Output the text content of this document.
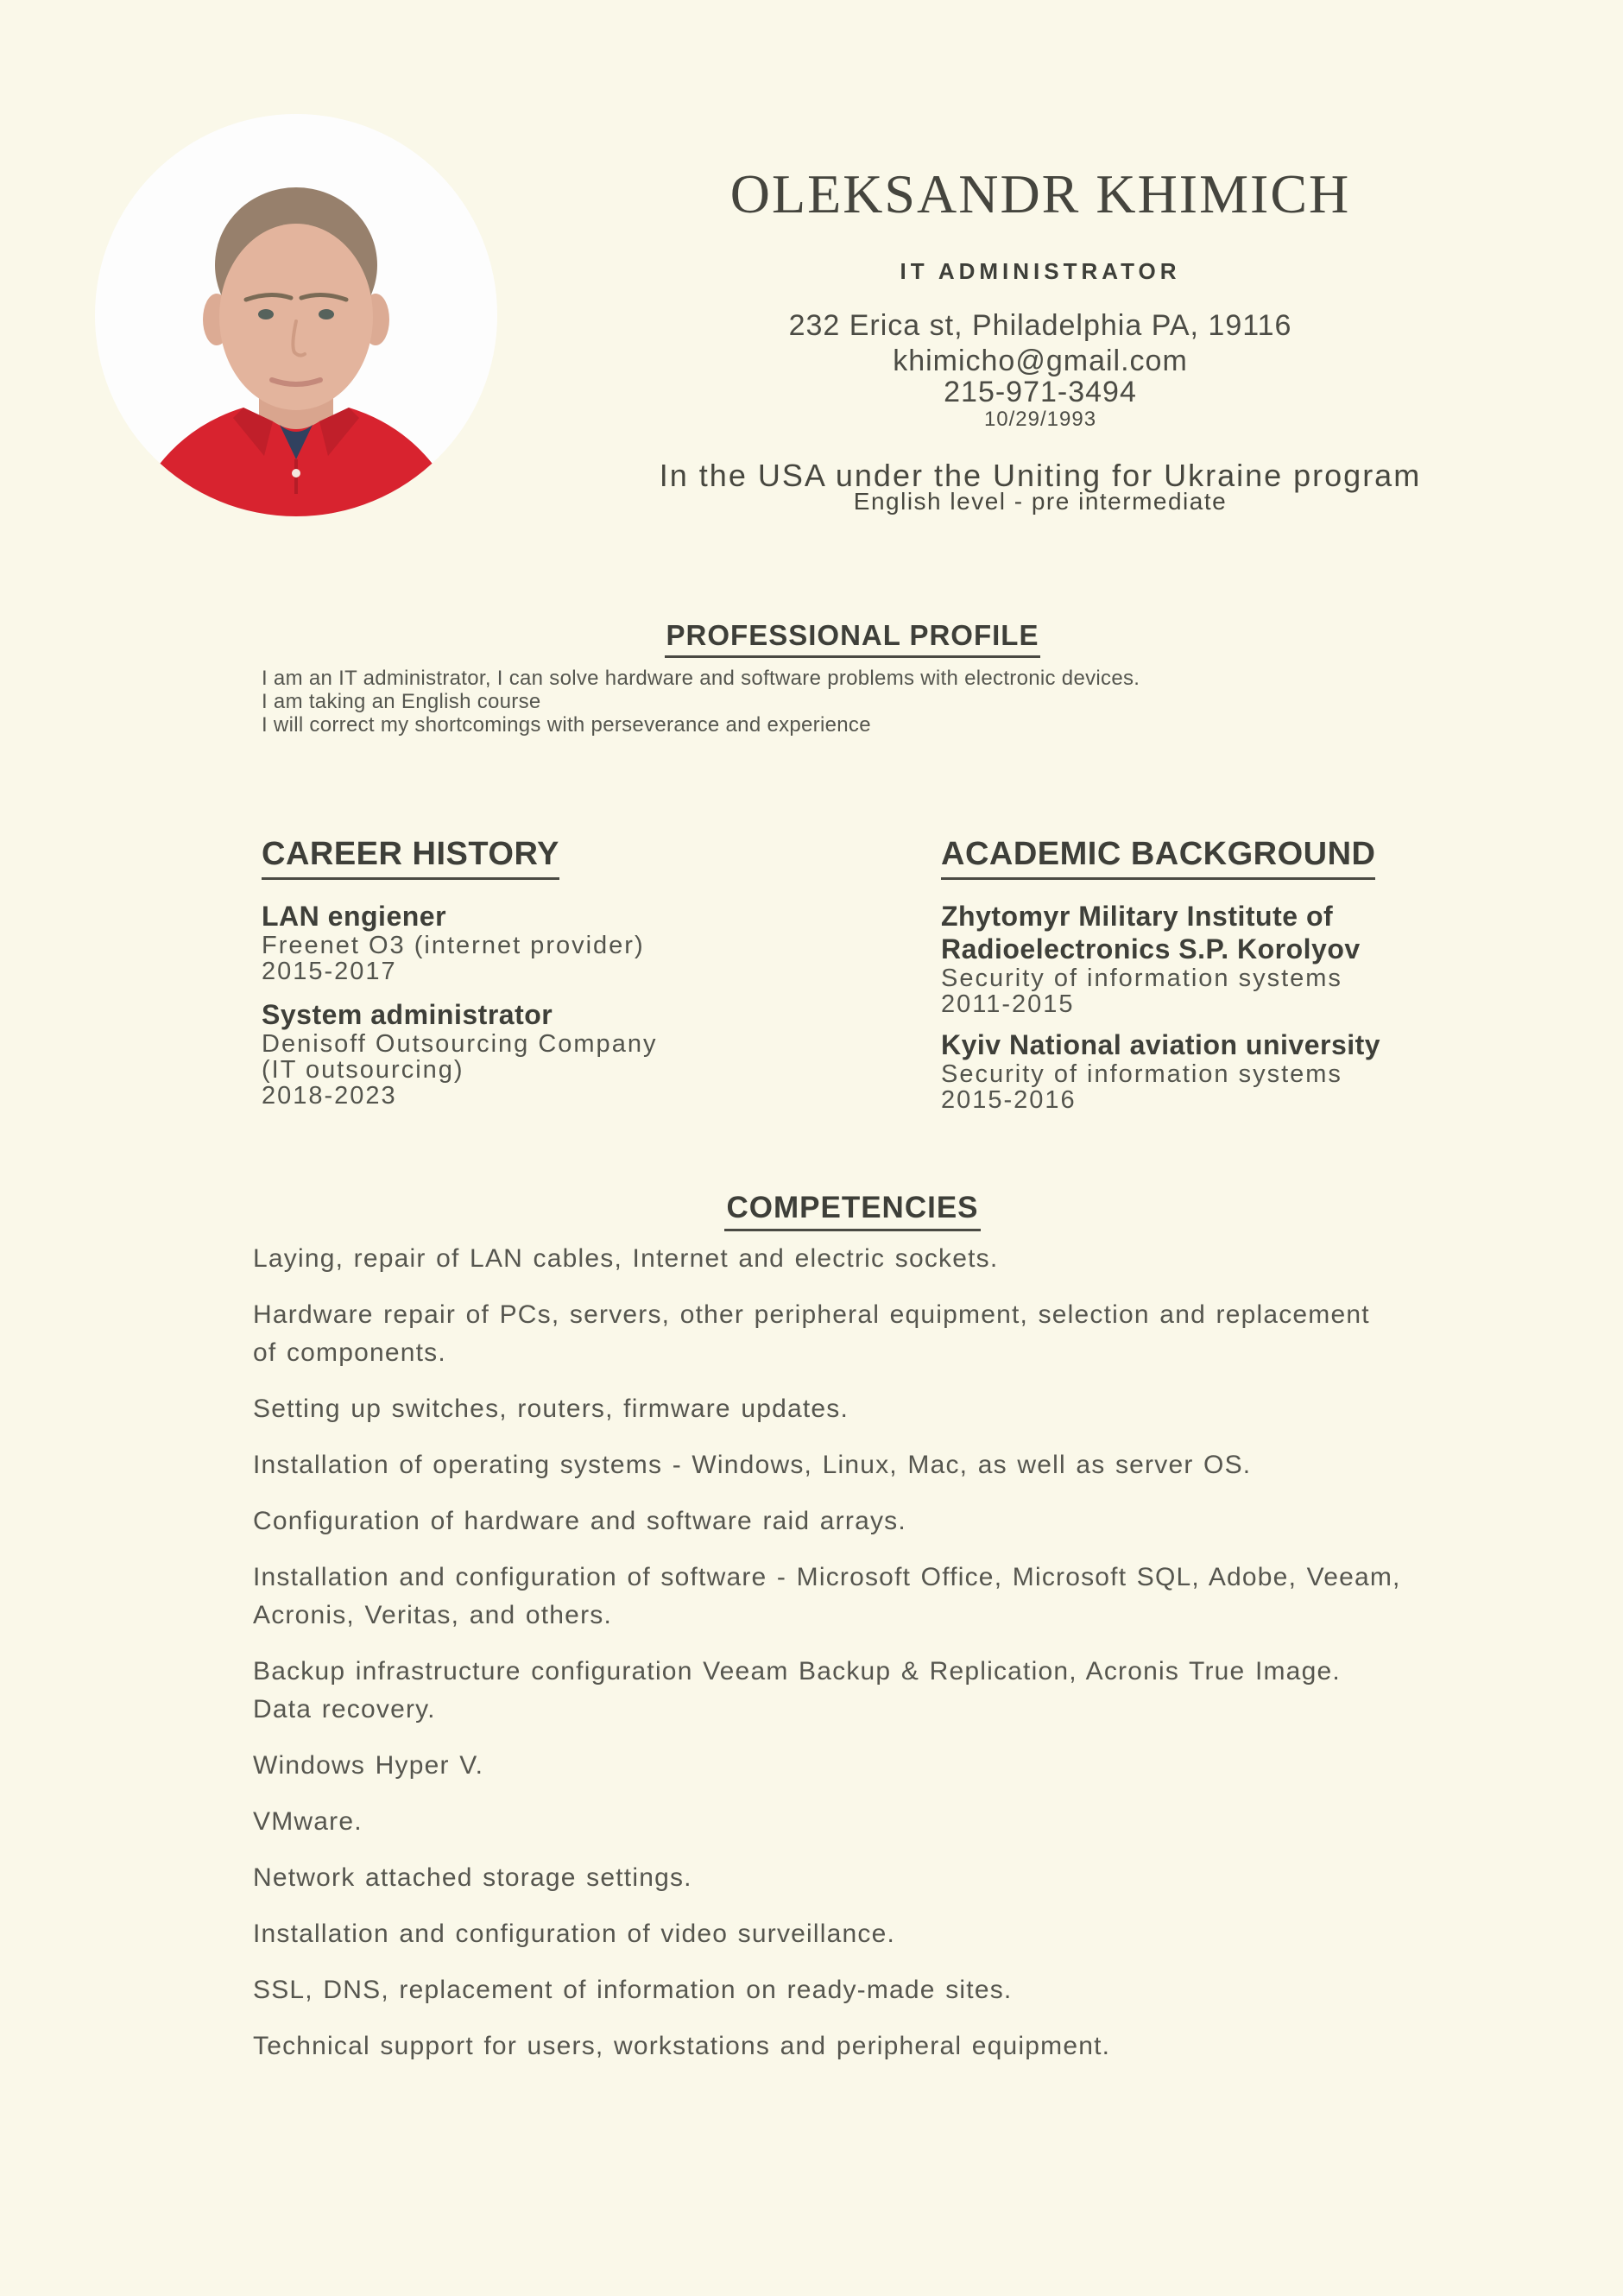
OLEKSANDR KHIMICH
IT ADMINISTRATOR
232 Erica st, Philadelphia PA, 19116
khimicho@gmail.com
215-971-3494
10/29/1993
In the USA under the Uniting for Ukraine program
English level - pre intermediate
PROFESSIONAL PROFILE
I am an IT administrator, I can solve hardware and software problems with electronic devices.
I am taking an English course
I will correct my shortcomings with perseverance and experience
CAREER HISTORY	ACADEMIC BACKGROUND
LAN engiener
Freenet O3 (internet provider)
2015-2017
System administrator
Denisoff Outsourcing Company
(IT outsourcing)
2018-2023
Zhytomyr Military Institute of
Radioelectronics S.P. Korolyov
Security of information systems
2011-2015
Kyiv National aviation university
Security of information systems
2015-2016
COMPETENCIES
Laying, repair of LAN cables, Internet and electric sockets.
Hardware repair of PCs, servers, other peripheral equipment, selection and replacement
of components.
Setting up switches, routers, firmware updates.
Installation of operating systems - Windows, Linux, Mac, as well as server OS.
Configuration of hardware and software raid arrays.
Installation and configuration of software - Microsoft Office, Microsoft SQL, Adobe, Veeam,
Acronis, Veritas, and others.
Backup infrastructure configuration Veeam Backup & Replication, Acronis True Image.
Data recovery.
Windows Hyper V.
VMware.
Network attached storage settings.
Installation and configuration of video surveillance.
SSL, DNS, replacement of information on ready-made sites.
Technical support for users, workstations and peripheral equipment.
